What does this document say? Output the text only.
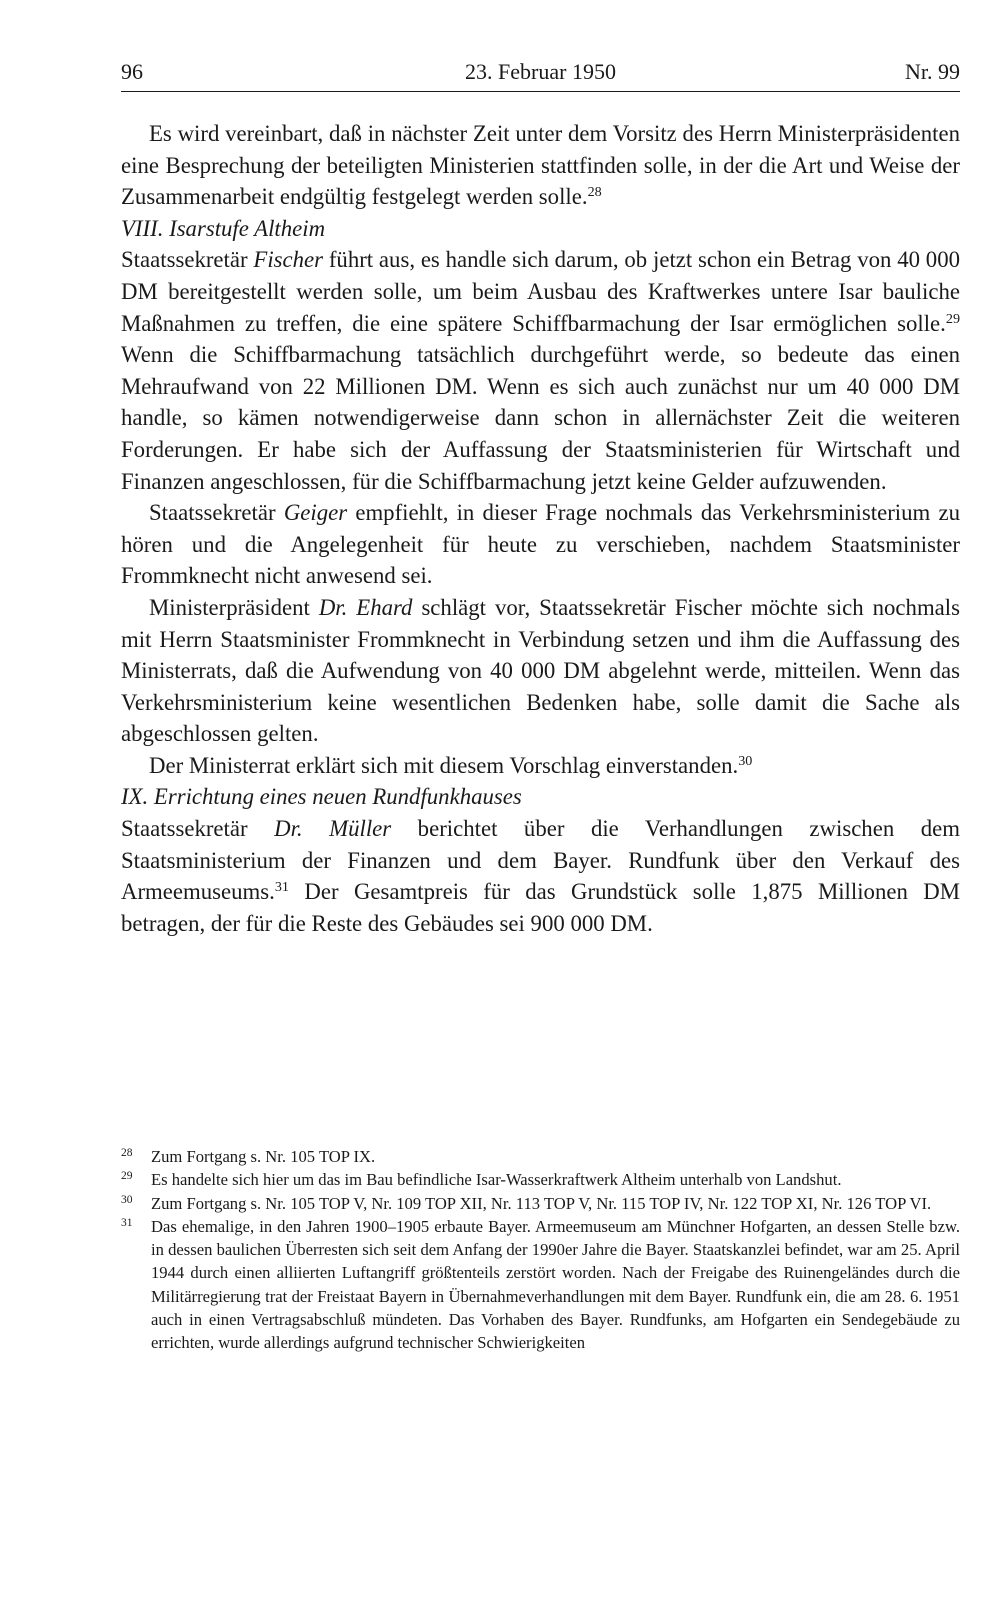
96	23. Februar 1950	Nr. 99

Es wird vereinbart, daß in nächster Zeit unter dem Vorsitz des Herrn Ministerpräsidenten eine Besprechung der beteiligten Ministerien stattfinden solle, in der die Art und Weise der Zusammenarbeit endgültig festgelegt werden solle.$^{28}$

VIII. Isarstufe Altheim

Staatssekretär Fischer führt aus, es handle sich darum, ob jetzt schon ein Betrag von 40 000 DM bereitgestellt werden solle, um beim Ausbau des Kraftwerkes untere Isar bauliche Maßnahmen zu treffen, die eine spätere Schiffbarmachung der Isar ermöglichen solle.$^{29}$ Wenn die Schiffbarmachung tatsächlich durchgeführt werde, so bedeute das einen Mehraufwand von 22 Millionen DM. Wenn es sich auch zunächst nur um 40 000 DM handle, so kämen notwendigerweise dann schon in allernächster Zeit die weiteren Forderungen. Er habe sich der Auffassung der Staatsministerien für Wirtschaft und Finanzen angeschlossen, für die Schiffbarmachung jetzt keine Gelder aufzuwenden.

Staatssekretär Geiger empfiehlt, in dieser Frage nochmals das Verkehrsministerium zu hören und die Angelegenheit für heute zu verschieben, nachdem Staatsminister Frommknecht nicht anwesend sei.

Ministerpräsident Dr. Ehard schlägt vor, Staatssekretär Fischer möchte sich nochmals mit Herrn Staatsminister Frommknecht in Verbindung setzen und ihm die Auffassung des Ministerrats, daß die Aufwendung von 40 000 DM abgelehnt werde, mitteilen. Wenn das Verkehrsministerium keine wesentlichen Bedenken habe, solle damit die Sache als abgeschlossen gelten.

Der Ministerrat erklärt sich mit diesem Vorschlag einverstanden.$^{30}$

IX. Errichtung eines neuen Rundfunkhauses

Staatssekretär Dr. Müller berichtet über die Verhandlungen zwischen dem Staatsministerium der Finanzen und dem Bayer. Rundfunk über den Verkauf des Armeemuseums.$^{31}$ Der Gesamtpreis für das Grundstück solle 1,875 Millionen DM betragen, der für die Reste des Gebäudes sei 900 000 DM.

28 Zum Fortgang s. Nr. 105 TOP IX.
29 Es handelte sich hier um das im Bau befindliche Isar-Wasserkraftwerk Altheim unterhalb von Landshut.
30 Zum Fortgang s. Nr. 105 TOP V, Nr. 109 TOP XII, Nr. 113 TOP V, Nr. 115 TOP IV, Nr. 122 TOP XI, Nr. 126 TOP VI.
31 Das ehemalige, in den Jahren 1900–1905 erbaute Bayer. Armeemuseum am Münchner Hofgarten, an dessen Stelle bzw. in dessen baulichen Überresten sich seit dem Anfang der 1990er Jahre die Bayer. Staatskanzlei befindet, war am 25. April 1944 durch einen alliierten Luftangriff größtenteils zerstört worden. Nach der Freigabe des Ruinengeländes durch die Militärregierung trat der Freistaat Bayern in Übernahmeverhandlungen mit dem Bayer. Rundfunk ein, die am 28. 6. 1951 auch in einen Vertragsabschluß mündeten. Das Vorhaben des Bayer. Rundfunks, am Hofgarten ein Sendegebäude zu errichten, wurde allerdings aufgrund technischer Schwierigkeiten
